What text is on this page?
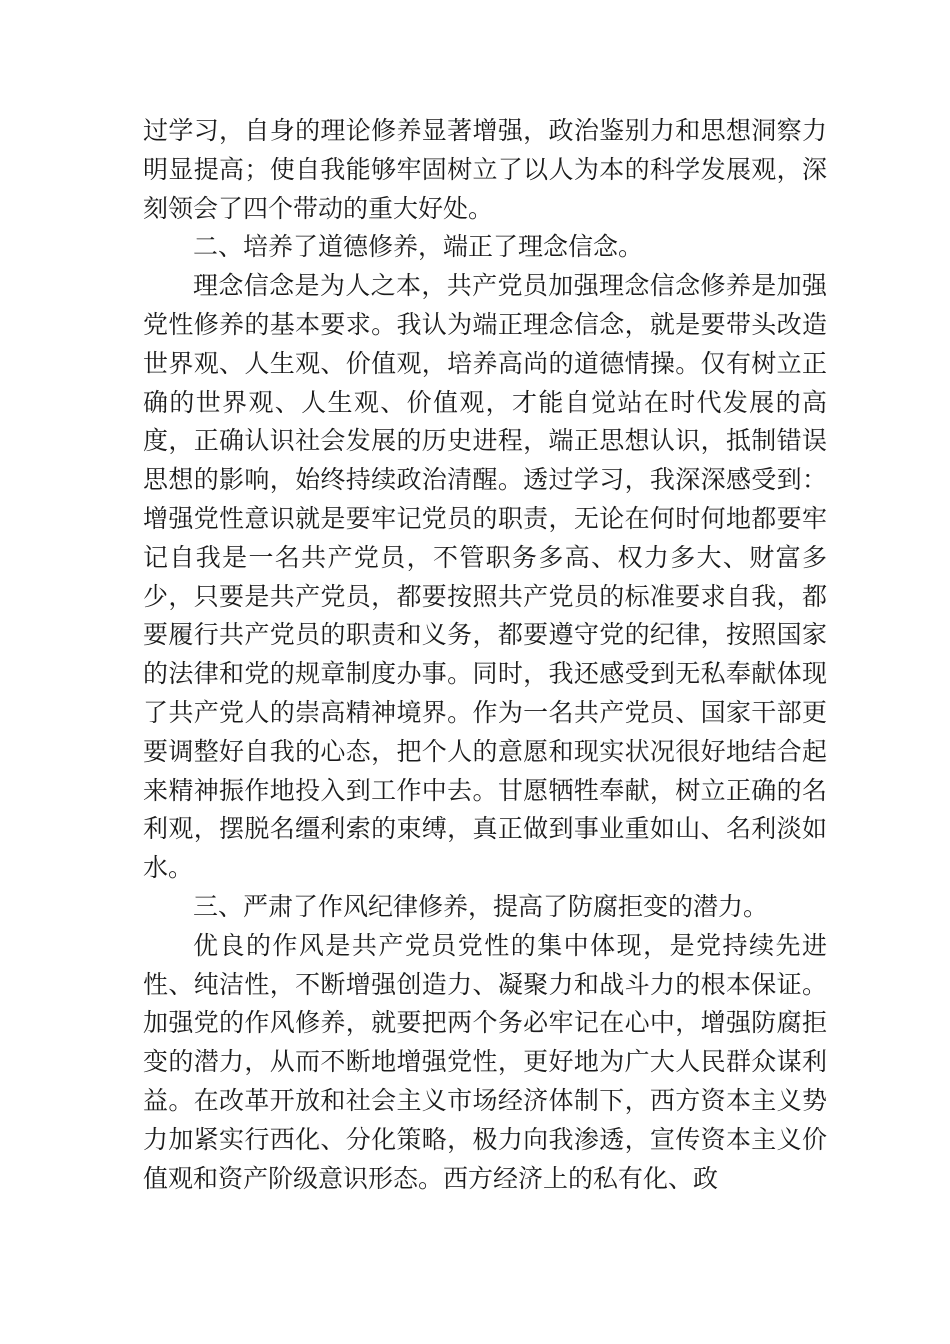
过学习，自身的理论修养显著增强，政治鉴别力和思想洞察力明显提高；使自我能够牢固树立了以人为本的科学发展观，深刻领会了四个带动的重大好处。

二、培养了道德修养，端正了理念信念。

理念信念是为人之本，共产党员加强理念信念修养是加强党性修养的基本要求。我认为端正理念信念，就是要带头改造世界观、人生观、价值观，培养高尚的道德情操。仅有树立正确的世界观、人生观、价值观，才能自觉站在时代发展的高度，正确认识社会发展的历史进程，端正思想认识，抵制错误思想的影响，始终持续政治清醒。透过学习，我深深感受到：增强党性意识就是要牢记党员的职责，无论在何时何地都要牢记自我是一名共产党员，不管职务多高、权力多大、财富多少，只要是共产党员，都要按照共产党员的标准要求自我，都要履行共产党员的职责和义务，都要遵守党的纪律，按照国家的法律和党的规章制度办事。同时，我还感受到无私奉献体现了共产党人的崇高精神境界。作为一名共产党员、国家干部更要调整好自我的心态，把个人的意愿和现实状况很好地结合起来精神振作地投入到工作中去。甘愿牺牲奉献，树立正确的名利观，摆脱名缰利索的束缚，真正做到事业重如山、名利淡如水。

三、严肃了作风纪律修养，提高了防腐拒变的潜力。

优良的作风是共产党员党性的集中体现，是党持续先进性、纯洁性，不断增强创造力、凝聚力和战斗力的根本保证。加强党的作风修养，就要把两个务必牢记在心中，增强防腐拒变的潜力，从而不断地增强党性，更好地为广大人民群众谋利益。在改革开放和社会主义市场经济体制下，西方资本主义势力加紧实行西化、分化策略，极力向我渗透，宣传资本主义价值观和资产阶级意识形态。西方经济上的私有化、政
